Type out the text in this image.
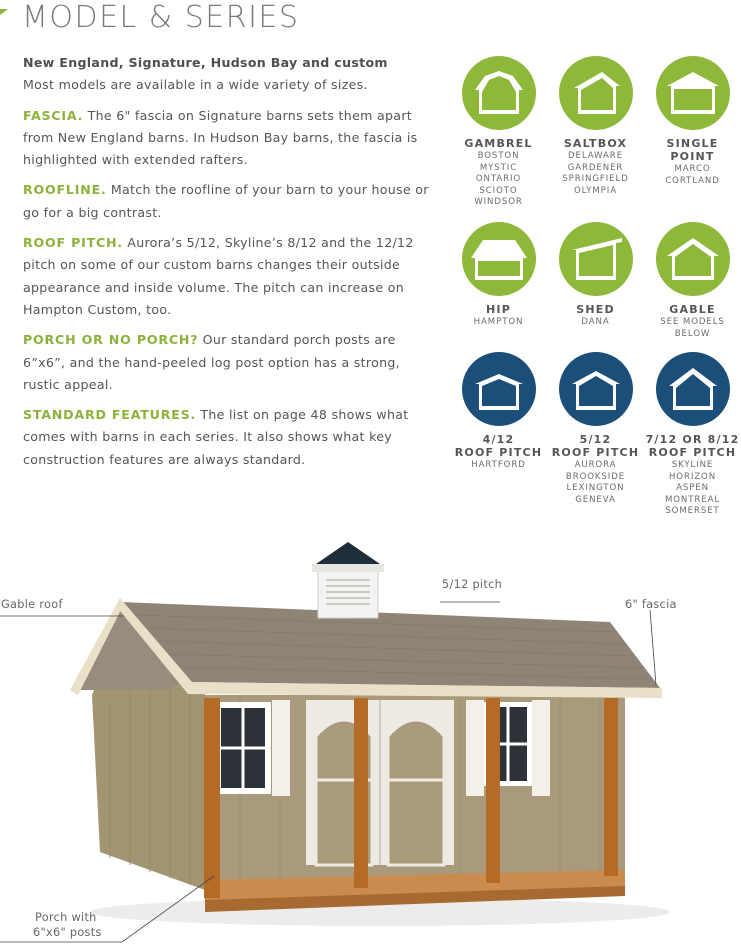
MODEL & SERIES

New England, Signature, Hudson Bay and custom
Most models are available in a wide variety of sizes.

FASCIA. The 6" fascia on Signature barns sets them apart from New England barns. In Hudson Bay barns, the fascia is highlighted with extended rafters.

ROOFLINE. Match the roofline of your barn to your house or go for a big contrast.

ROOF PITCH. Aurora’s 5/12, Skyline’s 8/12 and the 12/12 pitch on some of our custom barns changes their outside appearance and inside volume. The pitch can increase on Hampton Custom, too.

PORCH OR NO PORCH? Our standard porch posts are 6”x6”, and the hand-peeled log post option has a strong, rustic appeal.

STANDARD FEATURES. The list on page 48 shows what comes with barns in each series. It also shows what key construction features are always standard.

GAMBREL
BOSTON
MYSTIC
ONTARIO
SCIOTO
WINDSOR
SALTBOX
DELAWARE
GARDENER
SPRINGFIELD
OLYMPIA
SINGLE
POINT
MARCO
CORTLAND
HIP
HAMPTON
SHED
DANA
GABLE
SEE MODELS
BELOW
4/12
ROOF PITCH
HARTFORD
5/12
ROOF PITCH
AURORA
BROOKSIDE
LEXINGTON
GENEVA
7/12 OR 8/12
ROOF PITCH
SKYLINE
HORIZON
ASPEN
MONTREAL
SOMERSET
Gable roof
5/12 pitch
6" fascia
Porch with
6"x6" posts
